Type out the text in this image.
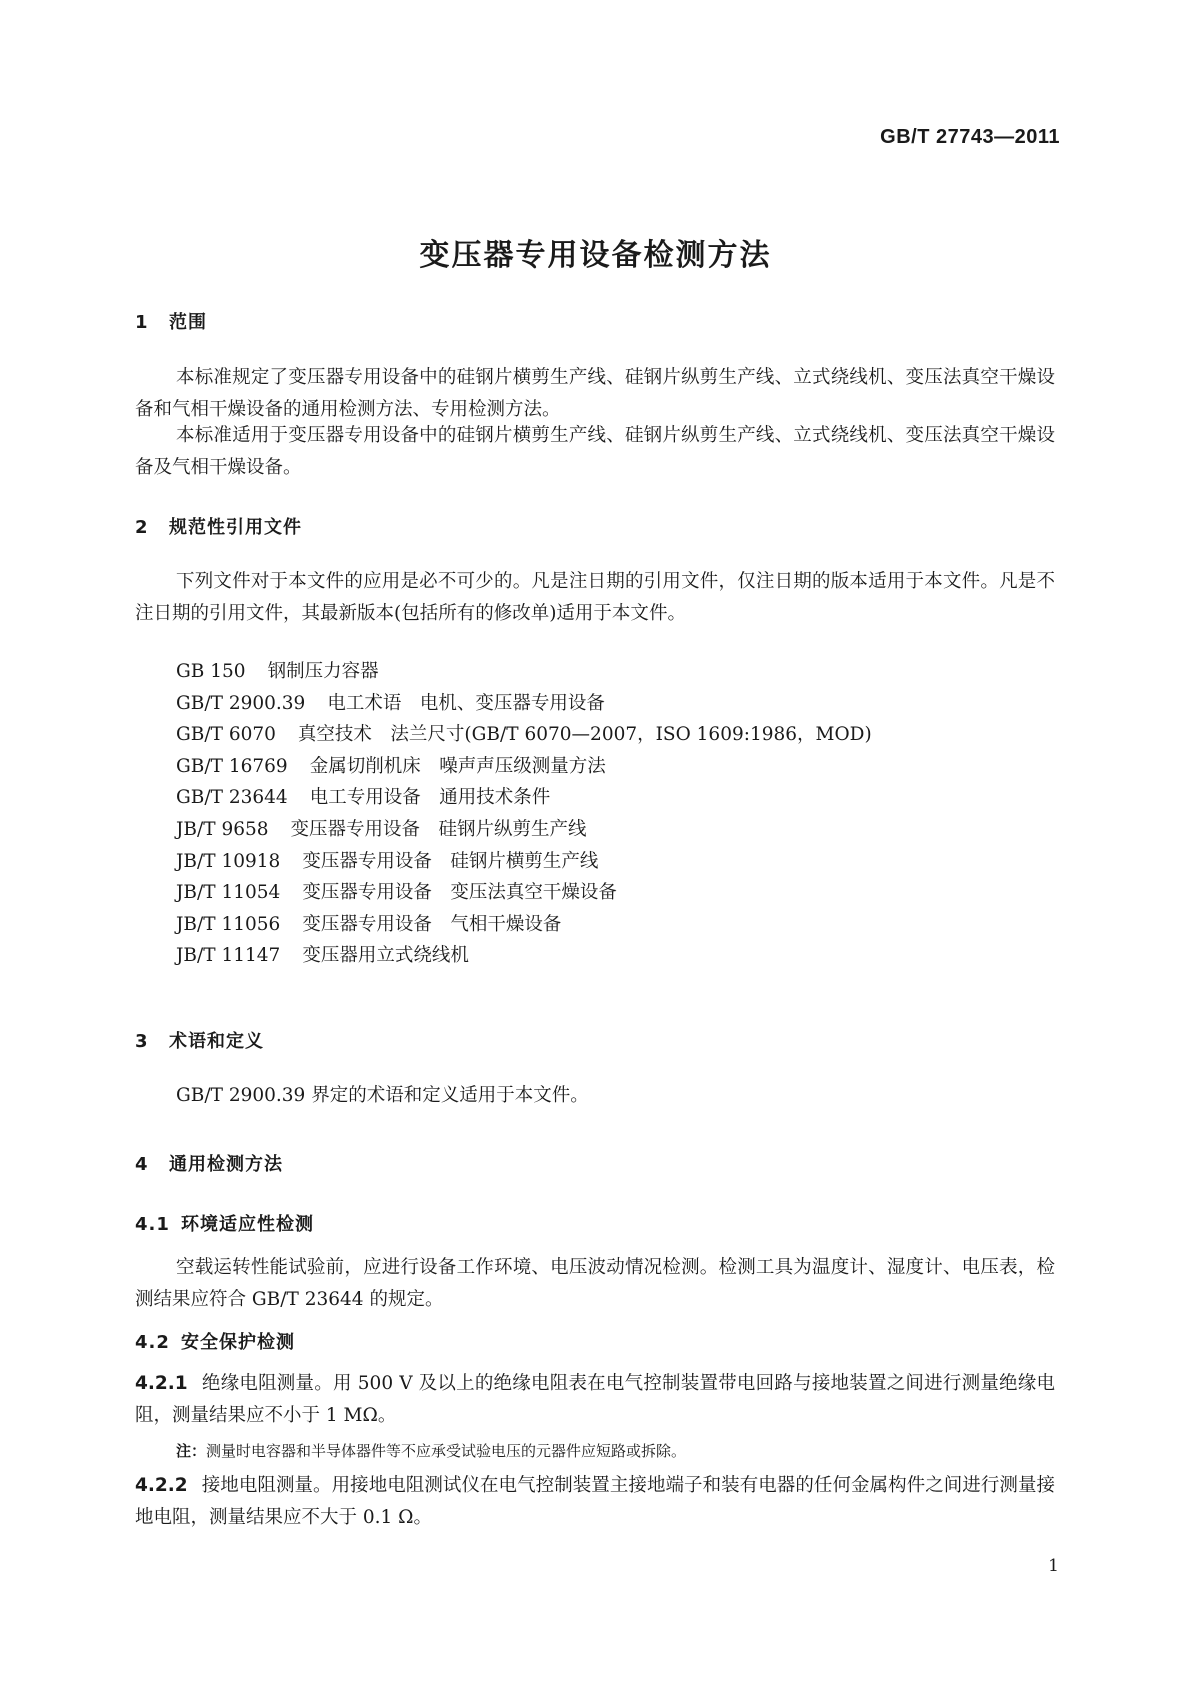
GB/T 27743—2011
变压器专用设备检测方法
1 范围

本标准规定了变压器专用设备中的硅钢片横剪生产线、硅钢片纵剪生产线、立式绕线机、变压法真空干燥设备和气相干燥设备的通用检测方法、专用检测方法。

本标准适用于变压器专用设备中的硅钢片横剪生产线、硅钢片纵剪生产线、立式绕线机、变压法真空干燥设备及气相干燥设备。

2 规范性引用文件

下列文件对于本文件的应用是必不可少的。凡是注日期的引用文件，仅注日期的版本适用于本文件。凡是不注日期的引用文件，其最新版本(包括所有的修改单)适用于本文件。

GB 150 钢制压力容器
GB/T 2900.39 电工术语　电机、变压器专用设备
GB/T 6070 真空技术　法兰尺寸(GB/T 6070—2007，ISO 1609:1986，MOD)
GB/T 16769 金属切削机床　噪声声压级测量方法
GB/T 23644 电工专用设备　通用技术条件
JB/T 9658 变压器专用设备　硅钢片纵剪生产线
JB/T 10918 变压器专用设备　硅钢片横剪生产线
JB/T 11054 变压器专用设备　变压法真空干燥设备
JB/T 11056 变压器专用设备　气相干燥设备
JB/T 11147 变压器用立式绕线机
3 术语和定义

GB/T 2900.39 界定的术语和定义适用于本文件。

4 通用检测方法
4.1 环境适应性检测

空载运转性能试验前，应进行设备工作环境、电压波动情况检测。检测工具为温度计、湿度计、电压表，检测结果应符合 GB/T 23644 的规定。

4.2 安全保护检测

4.2.1 绝缘电阻测量。用 500 V 及以上的绝缘电阻表在电气控制装置带电回路与接地装置之间进行测量绝缘电阻，测量结果应不小于 1 MΩ。

注：测量时电容器和半导体器件等不应承受试验电压的元器件应短路或拆除。

4.2.2 接地电阻测量。用接地电阻测试仪在电气控制装置主接地端子和装有电器的任何金属构件之间进行测量接地电阻，测量结果应不大于 0.1 Ω。

1
